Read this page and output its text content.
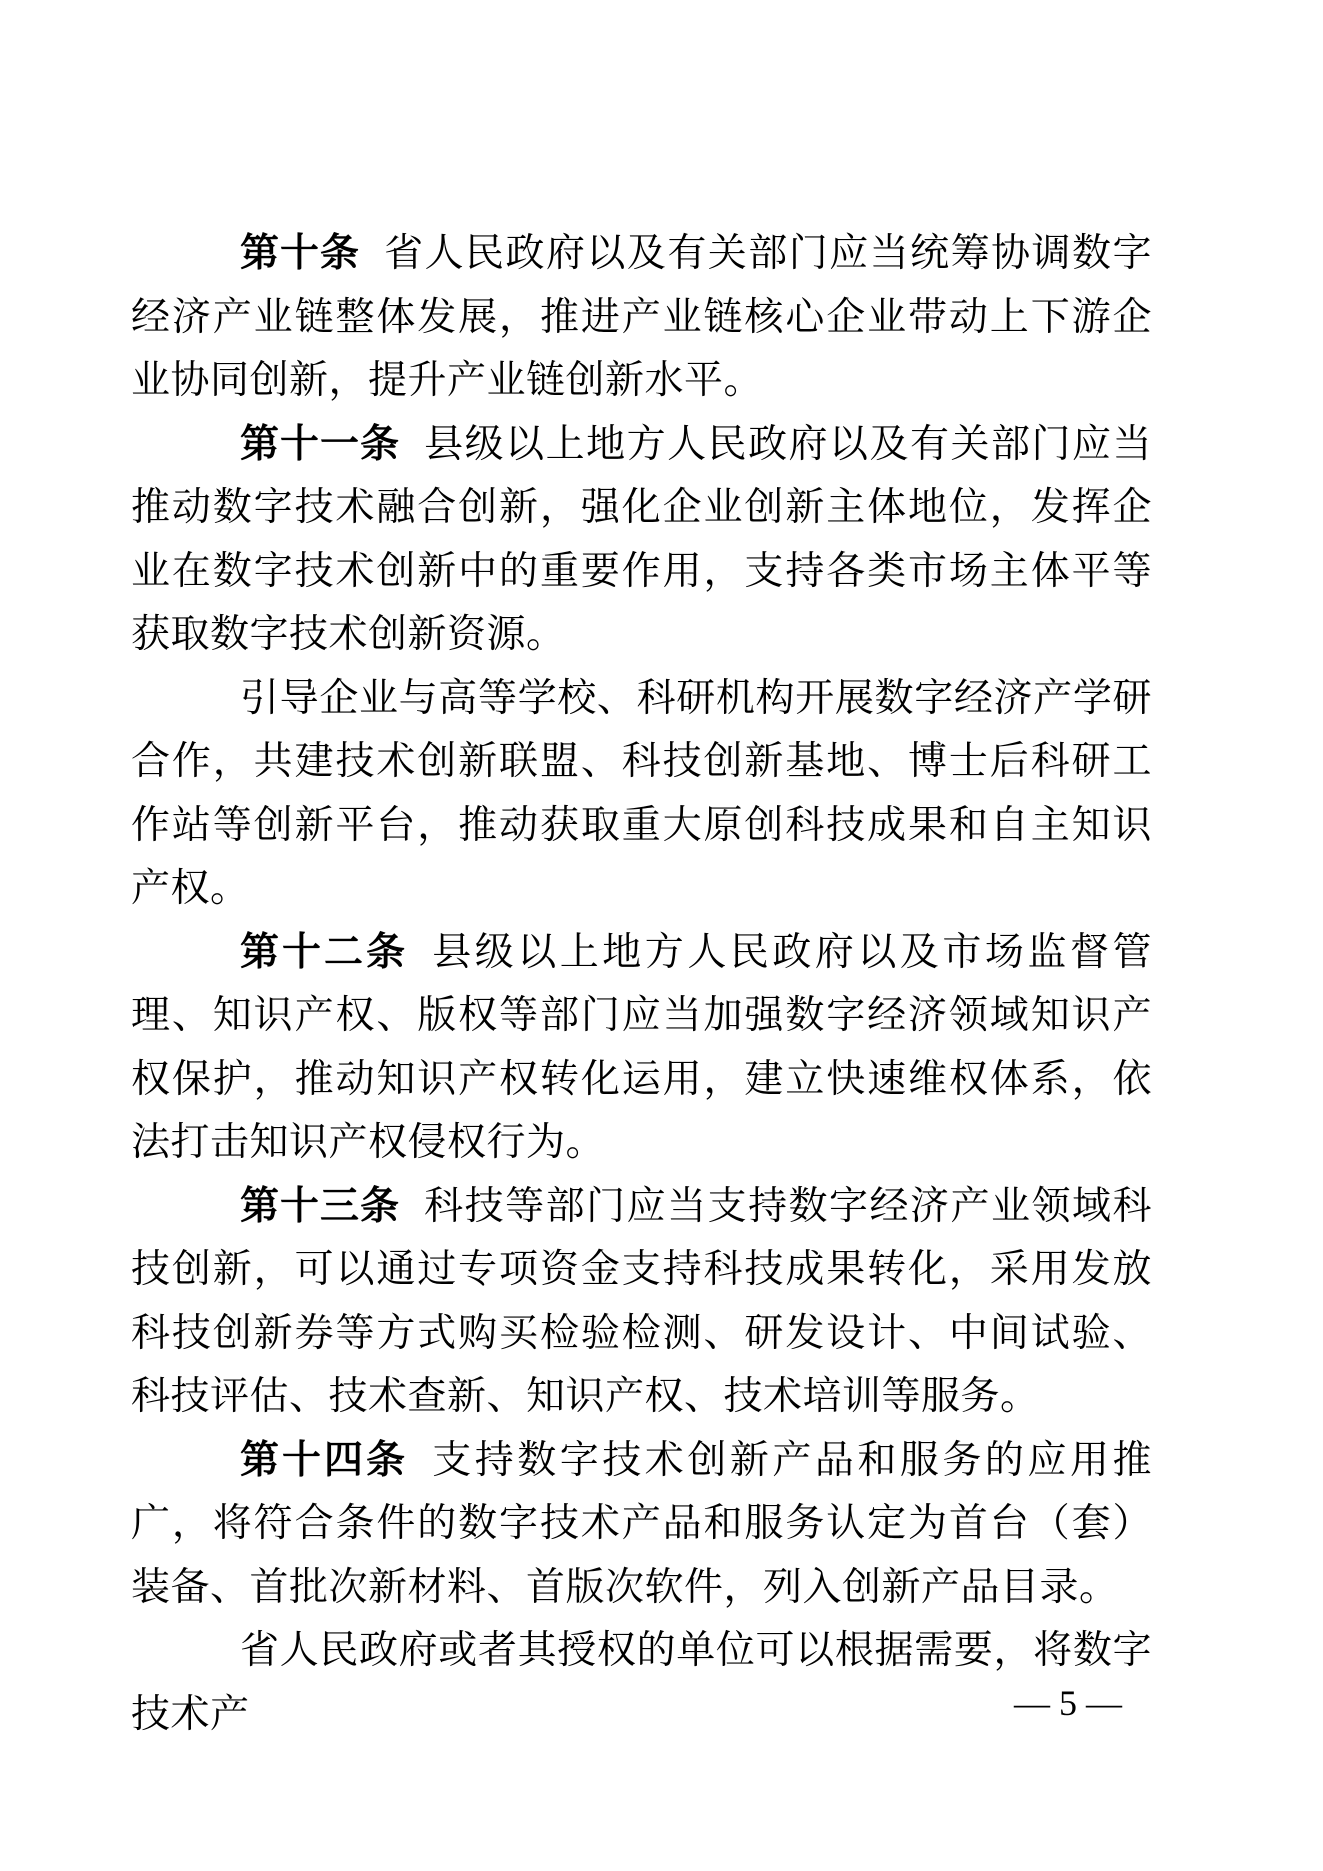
第十条 省人民政府以及有关部门应当统筹协调数字经济产业链整体发展，推进产业链核心企业带动上下游企业协同创新，提升产业链创新水平。

第十一条 县级以上地方人民政府以及有关部门应当推动数字技术融合创新，强化企业创新主体地位，发挥企业在数字技术创新中的重要作用，支持各类市场主体平等获取数字技术创新资源。

引导企业与高等学校、科研机构开展数字经济产学研合作，共建技术创新联盟、科技创新基地、博士后科研工作站等创新平台，推动获取重大原创科技成果和自主知识产权。

第十二条 县级以上地方人民政府以及市场监督管理、知识产权、版权等部门应当加强数字经济领域知识产权保护，推动知识产权转化运用，建立快速维权体系，依法打击知识产权侵权行为。

第十三条 科技等部门应当支持数字经济产业领域科技创新，可以通过专项资金支持科技成果转化，采用发放科技创新券等方式购买检验检测、研发设计、中间试验、科技评估、技术查新、知识产权、技术培训等服务。

第十四条 支持数字技术创新产品和服务的应用推广，将符合条件的数字技术产品和服务认定为首台（套）装备、首批次新材料、首版次软件，列入创新产品目录。

省人民政府或者其授权的单位可以根据需要，将数字技术产	— 5 —
